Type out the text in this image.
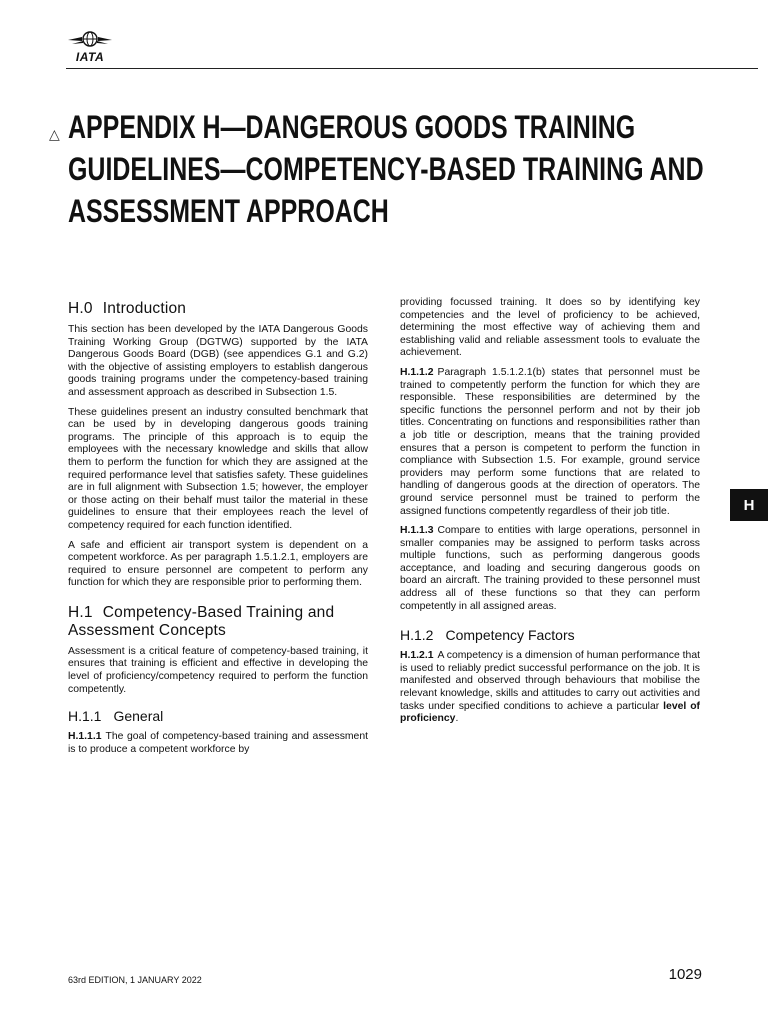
IATA
△ APPENDIX H—DANGEROUS GOODS TRAINING GUIDELINES—COMPETENCY-BASED TRAINING AND ASSESSMENT APPROACH
H.0 Introduction

This section has been developed by the IATA Dangerous Goods Training Working Group (DGTWG) supported by the IATA Dangerous Goods Board (DGB) (see appendices G.1 and G.2) with the objective of assisting employers to establish dangerous goods training programs under the competency-based training and assessment approach as described in Subsection 1.5.

These guidelines present an industry consulted benchmark that can be used by in developing dangerous goods training programs. The principle of this approach is to equip the employees with the necessary knowledge and skills that allow them to perform the function for which they are assigned at the required performance level that satisfies safety. These guidelines are in full alignment with Subsection 1.5; however, the employer or those acting on their behalf must tailor the material in these guidelines to ensure that their employees reach the level of competency required for each function identified.

A safe and efficient air transport system is dependent on a competent workforce. As per paragraph 1.5.1.2.1, employers are required to ensure personnel are competent to perform any function for which they are responsible prior to performing them.

H.1 Competency-Based Training and Assessment Concepts

Assessment is a critical feature of competency-based training, it ensures that training is efficient and effective in developing the level of proficiency/competency required to perform the function competently.

H.1.1 General

H.1.1.1 The goal of competency-based training and assessment is to produce a competent workforce by

providing focussed training. It does so by identifying key competencies and the level of proficiency to be achieved, determining the most effective way of achieving them and establishing valid and reliable assessment tools to evaluate the achievement.

H.1.1.2 Paragraph 1.5.1.2.1(b) states that personnel must be trained to competently perform the function for which they are responsible. These responsibilities are determined by the specific functions the personnel perform and not by their job titles. Concentrating on functions and responsibilities rather than a job title or description, means that the training provided ensures that a person is competent to perform the function in compliance with Subsection 1.5. For example, ground service providers may perform some functions that are related to handling of dangerous goods at the direction of operators. The ground service personnel must be trained to perform the assigned functions competently regardless of their job title.

H.1.1.3 Compare to entities with large operations, personnel in smaller companies may be assigned to perform tasks across multiple functions, such as performing dangerous goods acceptance, and loading and securing dangerous goods on board an aircraft. The training provided to these personnel must address all of these functions so that they can perform competently in all assigned areas.

H.1.2 Competency Factors

H.1.2.1 A competency is a dimension of human performance that is used to reliably predict successful performance on the job. It is manifested and observed through behaviours that mobilise the relevant knowledge, skills and attitudes to carry out activities and tasks under specified conditions to achieve a particular level of proficiency.

H
63rd EDITION, 1 JANUARY 2022	1029
